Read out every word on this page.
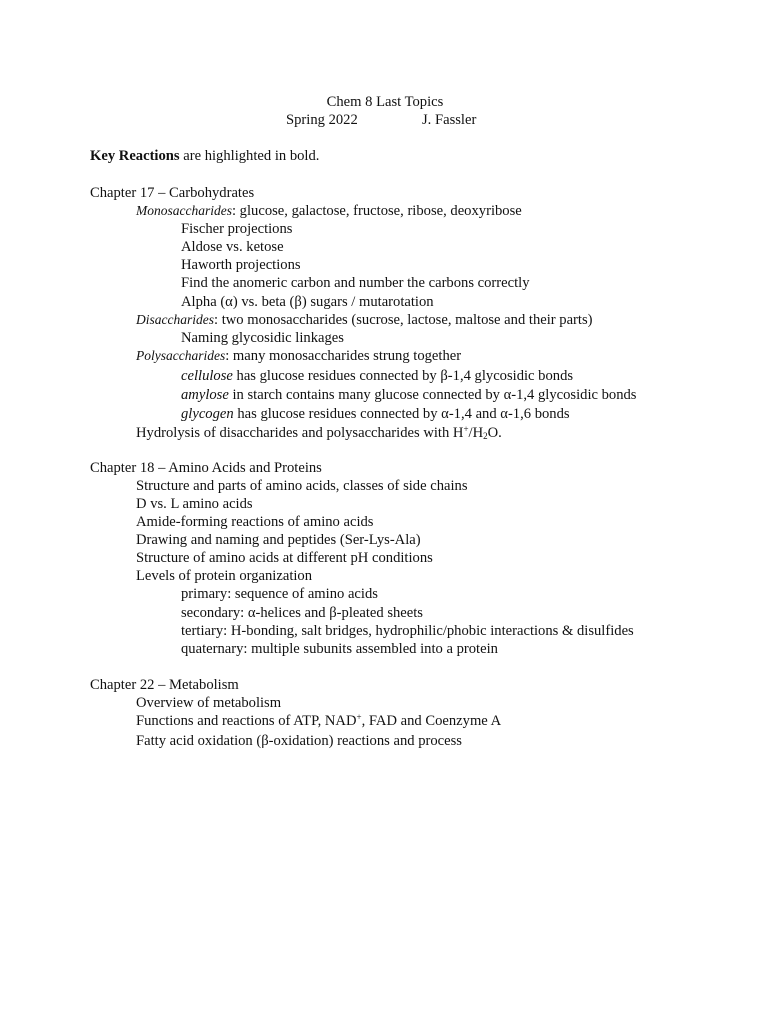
Chem 8 Last Topics
Spring 2022	J. Fassler
Key Reactions are highlighted in bold.
Chapter 17 – Carbohydrates
Monosaccharides: glucose, galactose, fructose, ribose, deoxyribose
Fischer projections
Aldose vs. ketose
Haworth projections
Find the anomeric carbon and number the carbons correctly
Alpha (α) vs. beta (β) sugars / mutarotation
Disaccharides: two monosaccharides (sucrose, lactose, maltose and their parts)
Naming glycosidic linkages
Polysaccharides: many monosaccharides strung together
cellulose has glucose residues connected by β-1,4 glycosidic bonds
amylose in starch contains many glucose connected by α-1,4 glycosidic bonds
glycogen has glucose residues connected by α-1,4 and α-1,6 bonds
Hydrolysis of disaccharides and polysaccharides with $H^+/H_2O$.
Chapter 18 – Amino Acids and Proteins
Structure and parts of amino acids, classes of side chains
D vs. L amino acids
Amide-forming reactions of amino acids
Drawing and naming and peptides (Ser-Lys-Ala)
Structure of amino acids at different pH conditions
Levels of protein organization
primary: sequence of amino acids
secondary: α-helices and β-pleated sheets
tertiary: H-bonding, salt bridges, hydrophilic/phobic interactions & disulfides
quaternary: multiple subunits assembled into a protein
Chapter 22 – Metabolism
Overview of metabolism
Functions and reactions of ATP, NAD+, FAD and Coenzyme A
Fatty acid oxidation (β-oxidation) reactions and process
